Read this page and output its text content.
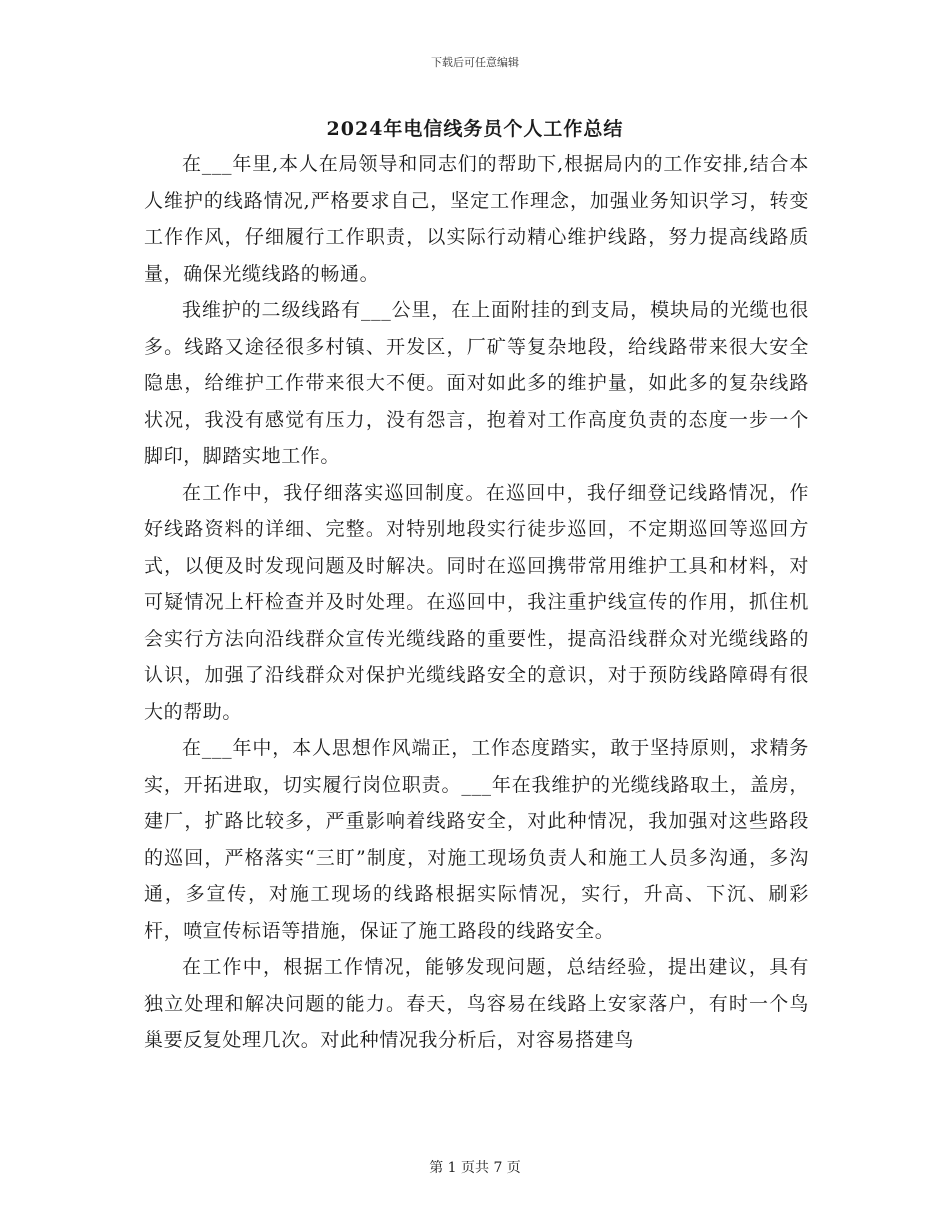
下载后可任意编辑
2024年电信线务员个人工作总结

在___年里,本人在局领导和同志们的帮助下,根据局内的工作安排,结合本人维护的线路情况,严格要求自己，坚定工作理念，加强业务知识学习，转变工作作风，仔细履行工作职责，以实际行动精心维护线路，努力提高线路质量，确保光缆线路的畅通。

我维护的二级线路有___公里，在上面附挂的到支局，模块局的光缆也很多。线路又途径很多村镇、开发区，厂矿等复杂地段，给线路带来很大安全隐患，给维护工作带来很大不便。面对如此多的维护量，如此多的复杂线路状况，我没有感觉有压力，没有怨言，抱着对工作高度负责的态度一步一个脚印，脚踏实地工作。

在工作中，我仔细落实巡回制度。在巡回中，我仔细登记线路情况，作好线路资料的详细、完整。对特别地段实行徒步巡回，不定期巡回等巡回方式，以便及时发现问题及时解决。同时在巡回携带常用维护工具和材料，对可疑情况上杆检查并及时处理。在巡回中，我注重护线宣传的作用，抓住机会实行方法向沿线群众宣传光缆线路的重要性，提高沿线群众对光缆线路的认识，加强了沿线群众对保护光缆线路安全的意识，对于预防线路障碍有很大的帮助。

在___年中，本人思想作风端正，工作态度踏实，敢于坚持原则，求精务实，开拓进取，切实履行岗位职责。___年在我维护的光缆线路取土，盖房，建厂，扩路比较多，严重影响着线路安全，对此种情况，我加强对这些路段的巡回，严格落实“三盯”制度，对施工现场负责人和施工人员多沟通，多沟通，多宣传，对施工现场的线路根据实际情况，实行，升高、下沉、刷彩杆，喷宣传标语等措施，保证了施工路段的线路安全。

在工作中，根据工作情况，能够发现问题，总结经验，提出建议，具有独立处理和解决问题的能力。春天，鸟容易在线路上安家落户，有时一个鸟巢要反复处理几次。对此种情况我分析后，对容易搭建鸟

第 1 页共 7 页
